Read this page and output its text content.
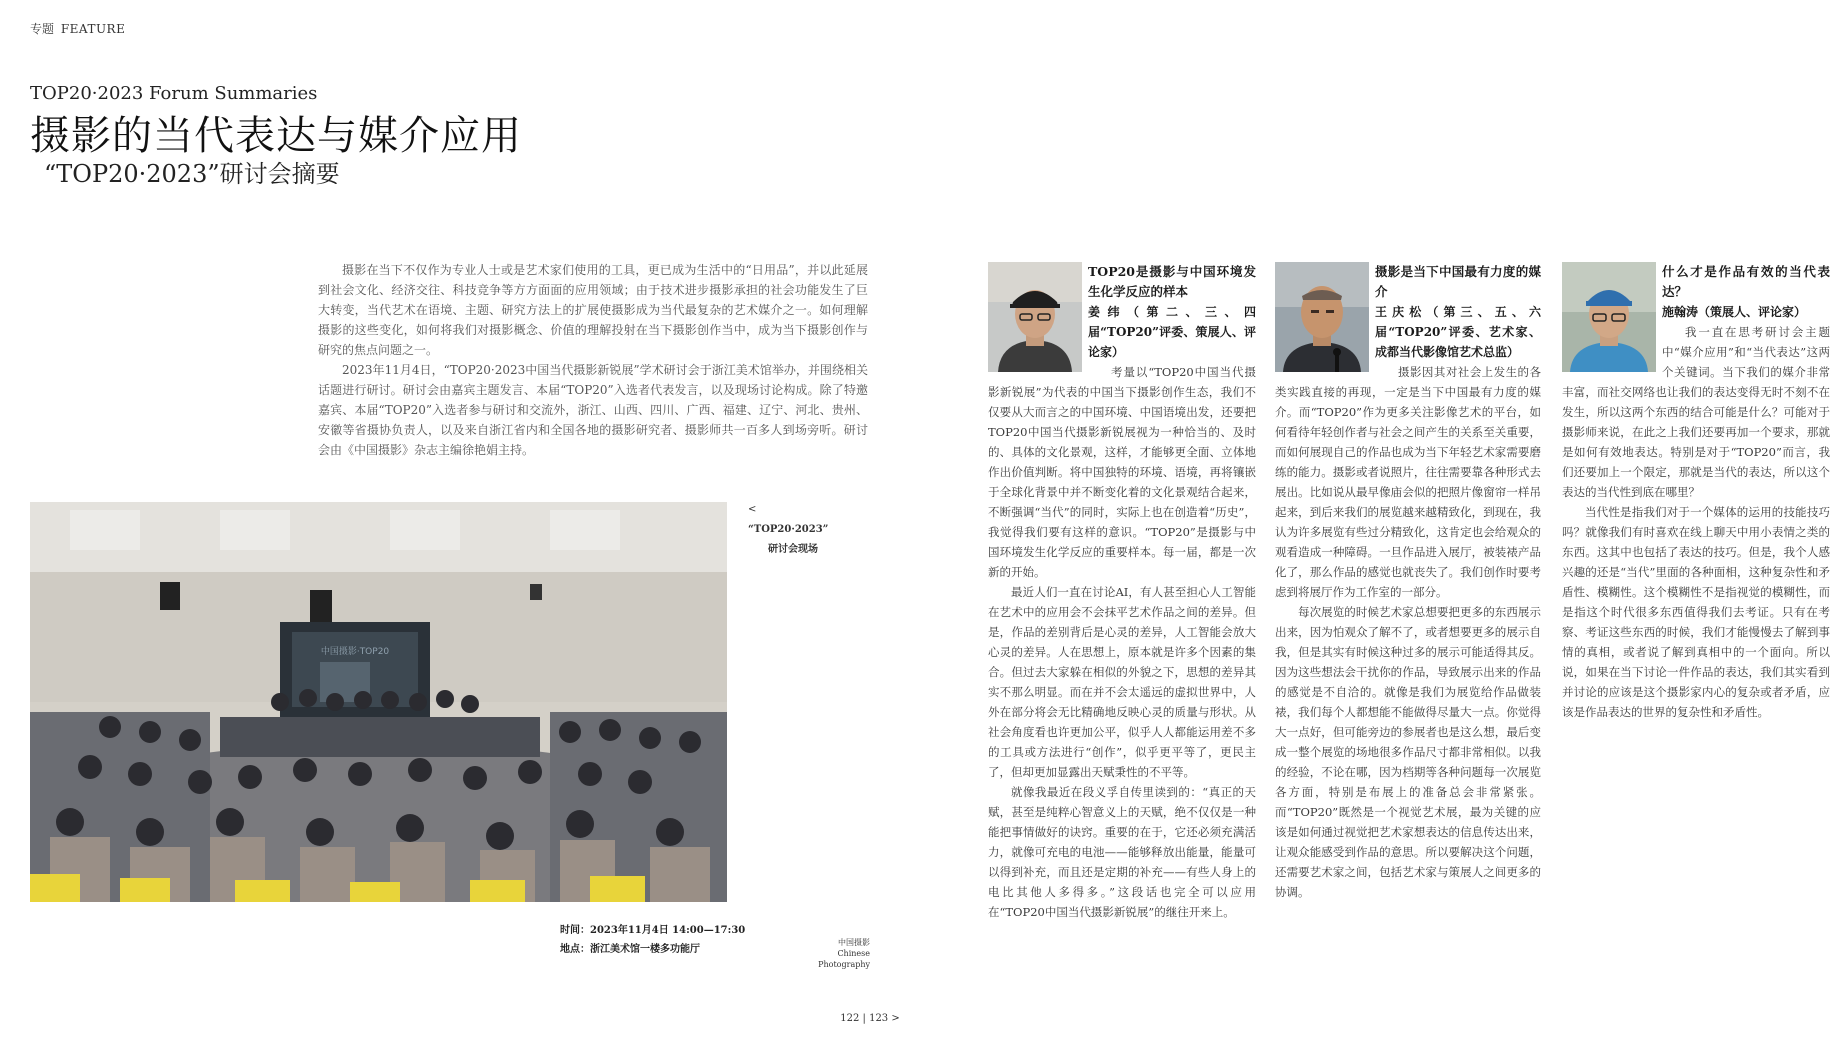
专题 FEATURE
TOP20·2023 Forum Summaries
摄影的当代表达与媒介应用
“TOP20·2023”研讨会摘要

摄影在当下不仅作为专业人士或是艺术家们使用的工具，更已成为生活中的“日用品”，并以此延展到社会文化、经济交往、科技竞争等方方面面的应用领域；由于技术进步摄影承担的社会功能发生了巨大转变，当代艺术在语境、主题、研究方法上的扩展使摄影成为当代最复杂的艺术媒介之一。如何理解摄影的这些变化，如何将我们对摄影概念、价值的理解投射在当下摄影创作当中，成为当下摄影创作与研究的焦点问题之一。

2023年11月4日，“TOP20·2023中国当代摄影新锐展”学术研讨会于浙江美术馆举办，并围绕相关话题进行研讨。研讨会由嘉宾主题发言、本届“TOP20”入选者代表发言，以及现场讨论构成。除了特邀嘉宾、本届“TOP20”入选者参与研讨和交流外，浙江、山西、四川、广西、福建、辽宁、河北、贵州、安徽等省摄协负责人，以及来自浙江省内和全国各地的摄影研究者、摄影师共一百多人到场旁听。研讨会由《中国摄影》杂志主编徐艳娟主持。

中国摄影·TOP20
< “TOP20·2023”
研讨会现场
时间：2023年11月4日 14:00—17:30
地点：浙江美术馆一楼多功能厅
中国摄影
Chinese
Photography
122 | 123 >
TOP20是摄影与中国环境发生化学反应的样本
姜纬（第二、三、四届“TOP20”评委、策展人、评论家）

考量以“TOP20中国当代摄影新锐展”为代表的中国当下摄影创作生态，我们不仅要从大而言之的中国环境、中国语境出发，还要把TOP20中国当代摄影新锐展视为一种恰当的、及时的、具体的文化景观，这样，才能够更全面、立体地作出价值判断。将中国独特的环境、语境，再将镶嵌于全球化背景中并不断变化着的文化景观结合起来，不断强调“当代”的同时，实际上也在创造着“历史”，我觉得我们要有这样的意识。“TOP20”是摄影与中国环境发生化学反应的重要样本。每一届，都是一次新的开始。

最近人们一直在讨论AI，有人甚至担心人工智能在艺术中的应用会不会抹平艺术作品之间的差异。但是，作品的差别背后是心灵的差异，人工智能会放大心灵的差异。人在思想上，原本就是许多个因素的集合。但过去大家躲在相似的外貌之下，思想的差异其实不那么明显。而在并不会太遥远的虚拟世界中，人外在部分将会无比精确地反映心灵的质量与形状。从社会角度看也许更加公平，似乎人人都能运用差不多的工具或方法进行“创作”，似乎更平等了，更民主了，但却更加显露出天赋秉性的不平等。

就像我最近在段义孚自传里读到的：“真正的天赋，甚至是纯粹心智意义上的天赋，绝不仅仅是一种能把事情做好的诀窍。重要的在于，它还必须充满活力，就像可充电的电池——能够释放出能量，能量可以得到补充，而且还是定期的补充——有些人身上的电比其他人多得多。”这段话也完全可以应用在“TOP20中国当代摄影新锐展”的继往开来上。

摄影是当下中国最有力度的媒介
王庆松（第三、五、六届“TOP20”评委、艺术家、成都当代影像馆艺术总监）

摄影因其对社会上发生的各类实践直接的再现，一定是当下中国最有力度的媒介。而“TOP20”作为更多关注影像艺术的平台，如何看待年轻创作者与社会之间产生的关系至关重要，而如何展现自己的作品也成为当下年轻艺术家需要磨练的能力。摄影或者说照片，往往需要靠各种形式去展出。比如说从最早像庙会似的把照片像窗帘一样吊起来，到后来我们的展览越来越精致化，到现在，我认为许多展览有些过分精致化，这肯定也会给观众的观看造成一种障碍。一旦作品进入展厅，被装裱产品化了，那么作品的感觉也就丧失了。我们创作时要考虑到将展厅作为工作室的一部分。

每次展览的时候艺术家总想要把更多的东西展示出来，因为怕观众了解不了，或者想要更多的展示自我，但是其实有时候这种过多的展示可能适得其反。因为这些想法会干扰你的作品，导致展示出来的作品的感觉是不自洽的。就像是我们为展览给作品做装裱，我们每个人都想能不能做得尽量大一点。你觉得大一点好，但可能旁边的参展者也是这么想，最后变成一整个展览的场地很多作品尺寸都非常相似。以我的经验，不论在哪，因为档期等各种问题每一次展览各方面，特别是布展上的准备总会非常紧张。而“TOP20”既然是一个视觉艺术展，最为关键的应该是如何通过视觉把艺术家想表达的信息传达出来，让观众能感受到作品的意思。所以要解决这个问题，还需要艺术家之间，包括艺术家与策展人之间更多的协调。

什么才是作品有效的当代表达？
施翰涛（策展人、评论家）

我一直在思考研讨会主题中“媒介应用”和“当代表达”这两个关键词。当下我们的媒介非常丰富，而社交网络也让我们的表达变得无时不刻不在发生，所以这两个东西的结合可能是什么？可能对于摄影师来说，在此之上我们还要再加一个要求，那就是如何有效地表达。特别是对于“TOP20”而言，我们还要加上一个限定，那就是当代的表达，所以这个表达的当代性到底在哪里？

当代性是指我们对于一个媒体的运用的技能技巧吗？就像我们有时喜欢在线上聊天中用小表情之类的东西。这其中也包括了表达的技巧。但是，我个人感兴趣的还是“当代”里面的各种面相，这种复杂性和矛盾性、模糊性。这个模糊性不是指视觉的模糊性，而是指这个时代很多东西值得我们去考证。只有在考察、考证这些东西的时候，我们才能慢慢去了解到事情的真相，或者说了解到真相中的一个面向。所以说，如果在当下讨论一件作品的表达，我们其实看到并讨论的应该是这个摄影家内心的复杂或者矛盾，应该是作品表达的世界的复杂性和矛盾性。
